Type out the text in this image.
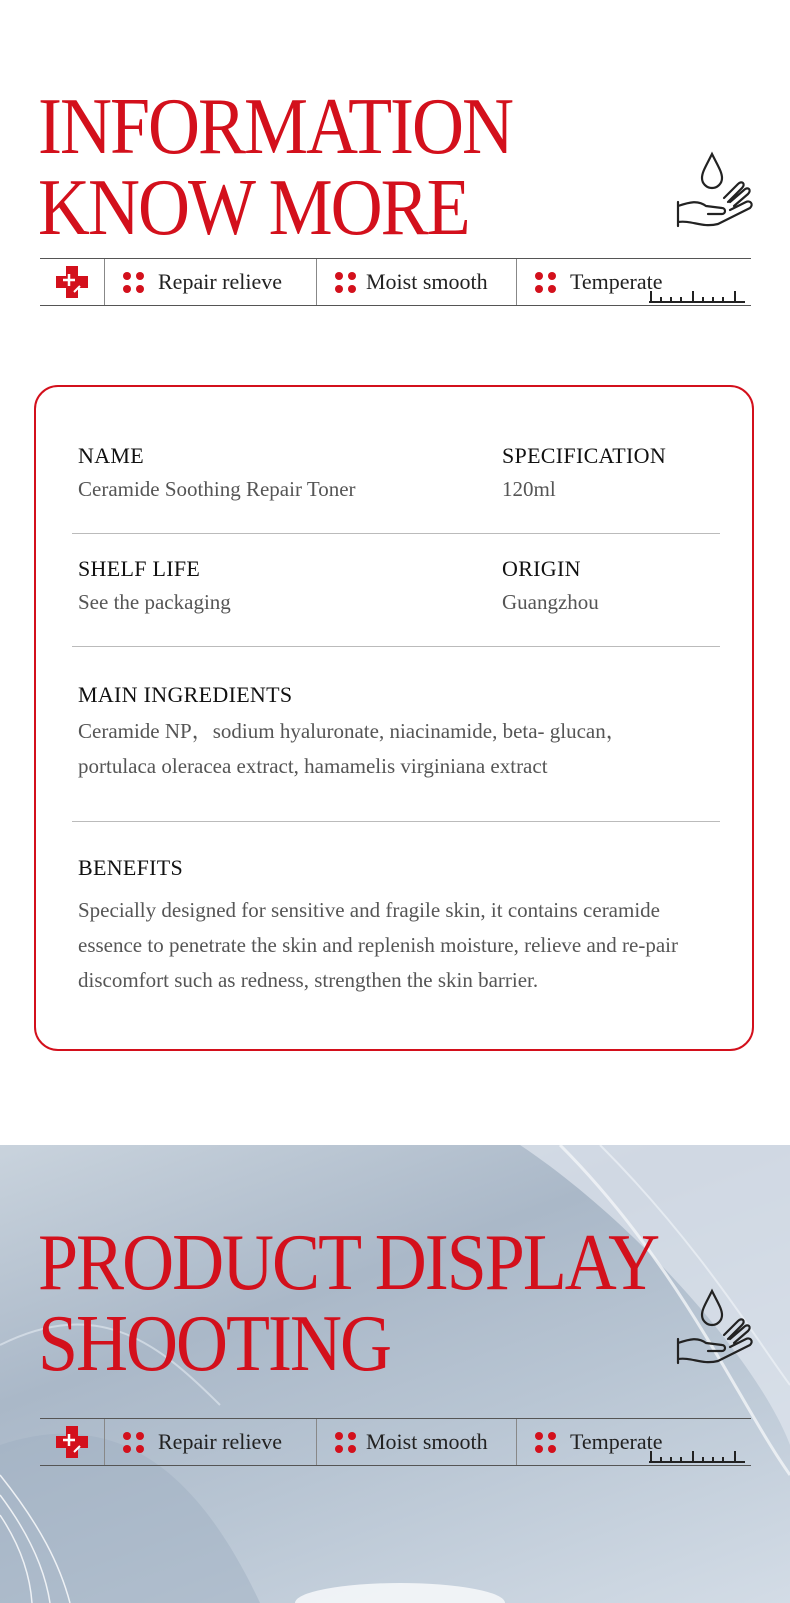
INFORMATION
KNOW MORE
Repair relieve	Moist smooth	Temperate
NAME
Ceramide Soothing Repair Toner
SPECIFICATION
120ml
SHELF LIFE
See the packaging
ORIGIN
Guangzhou
MAIN INGREDIENTS
Ceramide NP，sodium hyaluronate, niacinamide, beta- glucan，portulaca oleracea extract, hamamelis virginiana extract
BENEFITS
Specially designed for sensitive and fragile skin, it contains ceramide essence to penetrate the skin and replenish moisture, relieve and re-pair discomfort such as redness, strengthen the skin barrier.
PRODUCT DISPLAY
SHOOTING
Repair relieve	Moist smooth	Temperate
